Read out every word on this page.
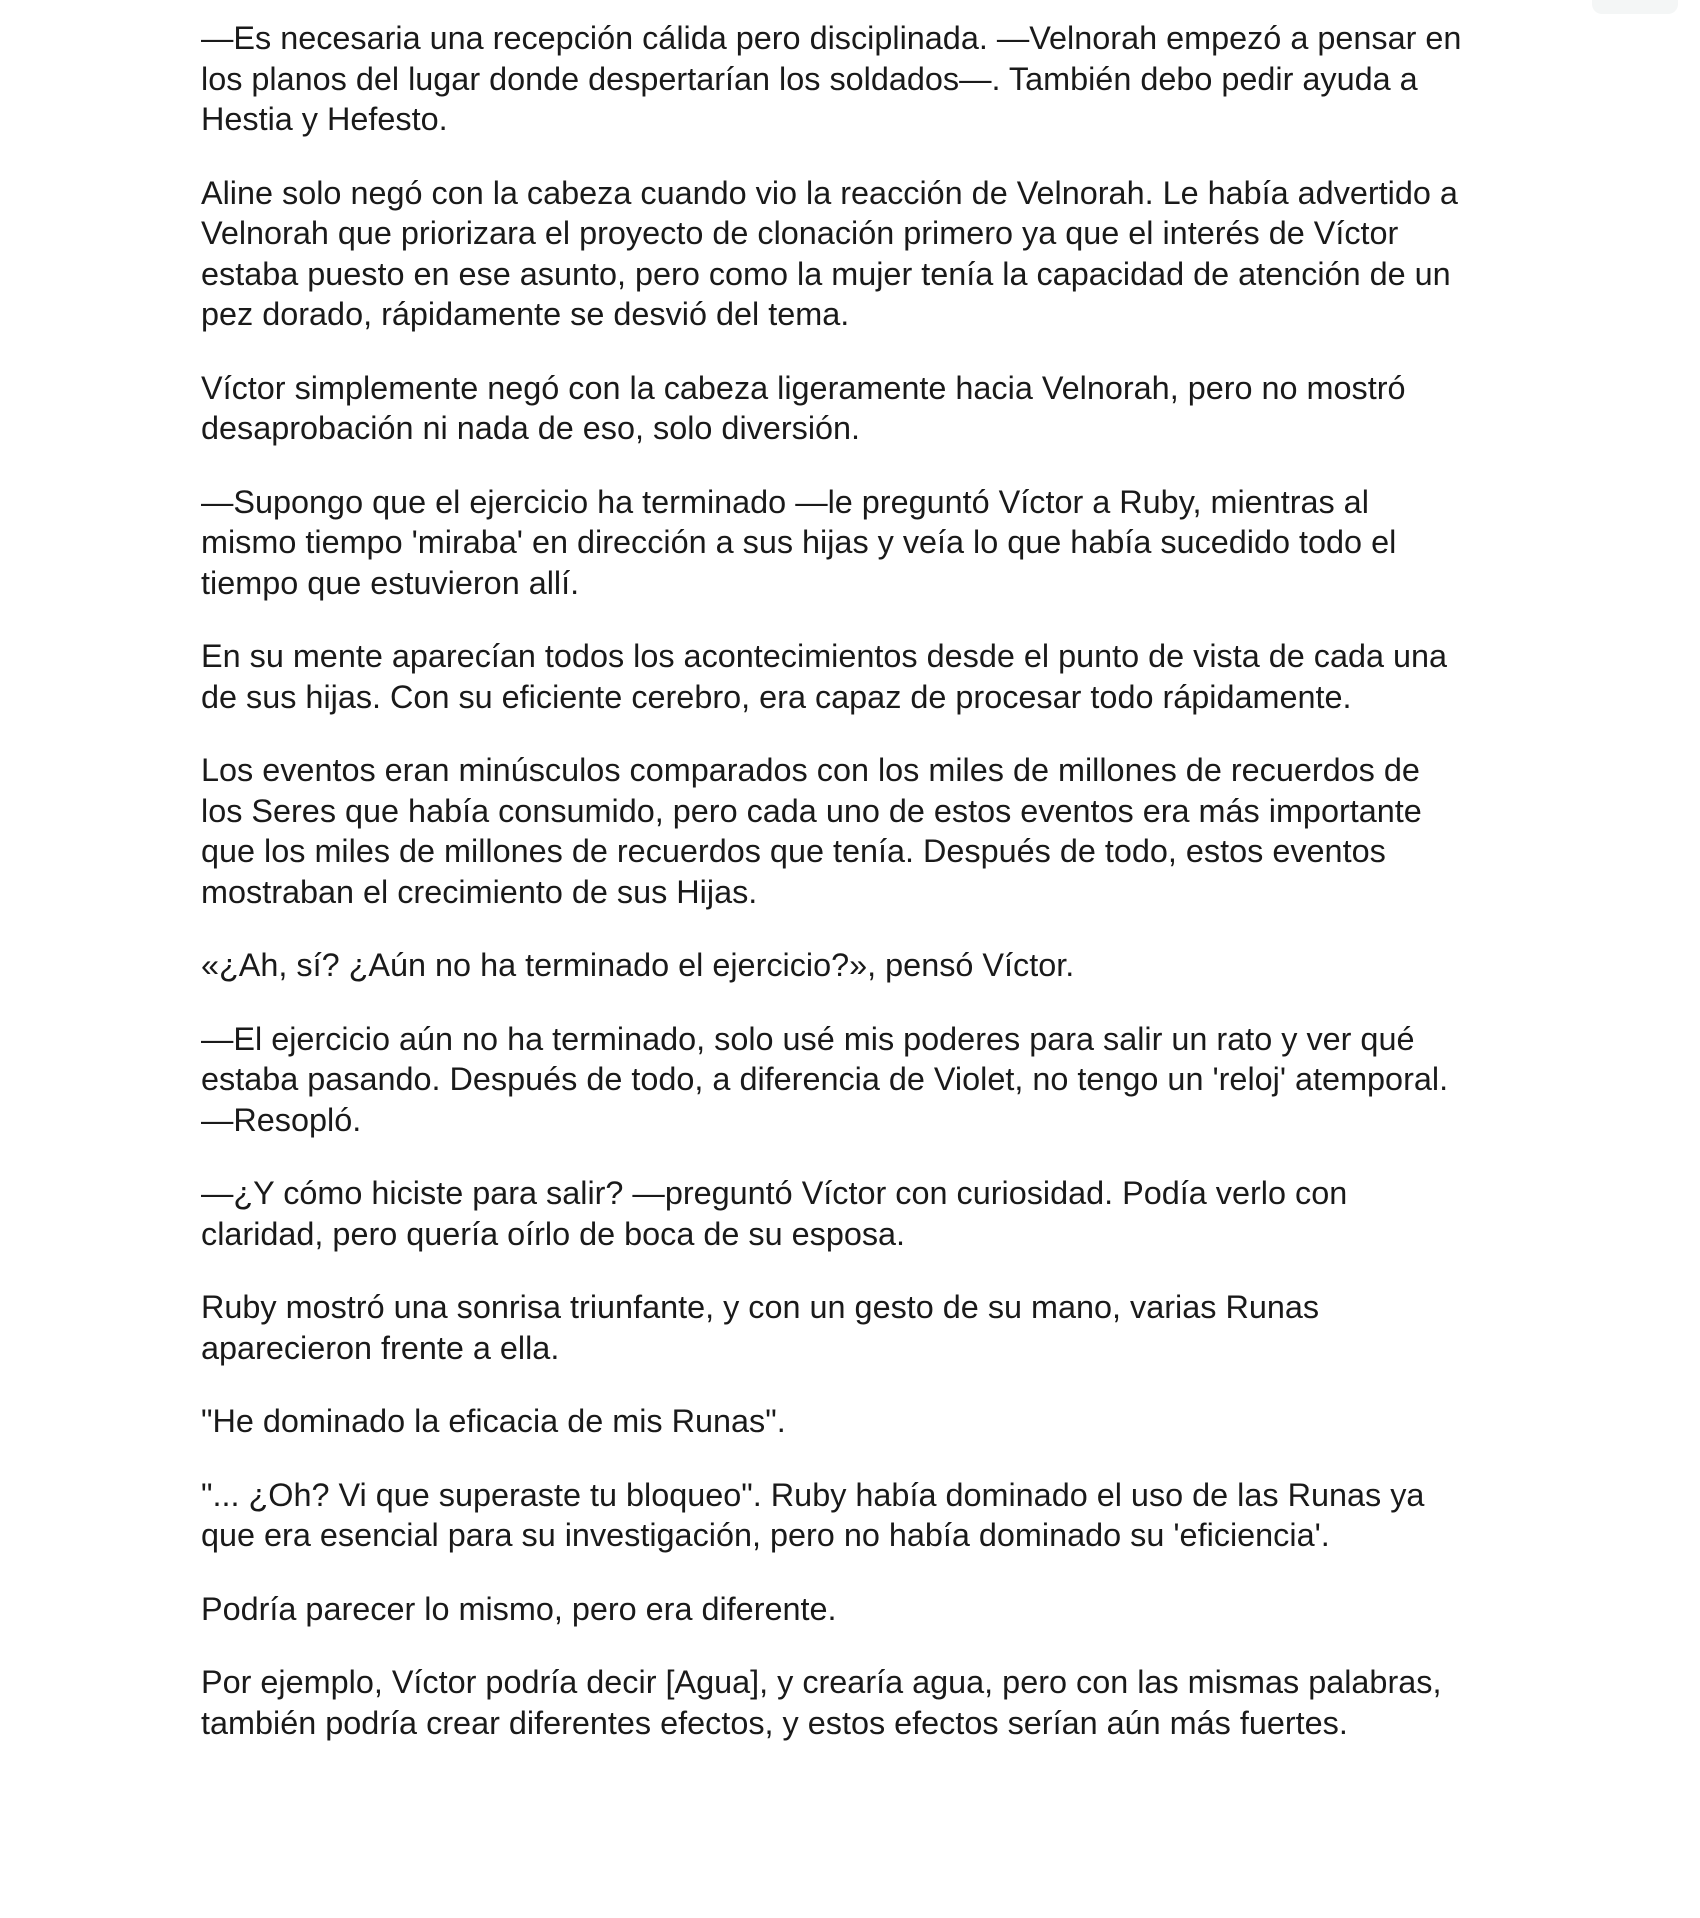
—Es necesaria una recepción cálida pero disciplinada. —Velnorah empezó a pensar en
los planos del lugar donde despertarían los soldados—. También debo pedir ayuda a
Hestia y Hefesto.

Aline solo negó con la cabeza cuando vio la reacción de Velnorah. Le había advertido a
Velnorah que priorizara el proyecto de clonación primero ya que el interés de Víctor
estaba puesto en ese asunto, pero como la mujer tenía la capacidad de atención de un
pez dorado, rápidamente se desvió del tema.

Víctor simplemente negó con la cabeza ligeramente hacia Velnorah, pero no mostró
desaprobación ni nada de eso, solo diversión.

—Supongo que el ejercicio ha terminado —le preguntó Víctor a Ruby, mientras al
mismo tiempo 'miraba' en dirección a sus hijas y veía lo que había sucedido todo el
tiempo que estuvieron allí.

En su mente aparecían todos los acontecimientos desde el punto de vista de cada una
de sus hijas. Con su eficiente cerebro, era capaz de procesar todo rápidamente.

Los eventos eran minúsculos comparados con los miles de millones de recuerdos de
los Seres que había consumido, pero cada uno de estos eventos era más importante
que los miles de millones de recuerdos que tenía. Después de todo, estos eventos
mostraban el crecimiento de sus Hijas.

«¿Ah, sí? ¿Aún no ha terminado el ejercicio?», pensó Víctor.

—El ejercicio aún no ha terminado, solo usé mis poderes para salir un rato y ver qué
estaba pasando. Después de todo, a diferencia de Violet, no tengo un 'reloj' atemporal.
—Resopló.

—¿Y cómo hiciste para salir? —preguntó Víctor con curiosidad. Podía verlo con
claridad, pero quería oírlo de boca de su esposa.

Ruby mostró una sonrisa triunfante, y con un gesto de su mano, varias Runas
aparecieron frente a ella.

"He dominado la eficacia de mis Runas".

"... ¿Oh? Vi que superaste tu bloqueo". Ruby había dominado el uso de las Runas ya
que era esencial para su investigación, pero no había dominado su 'eficiencia'.

Podría parecer lo mismo, pero era diferente.

Por ejemplo, Víctor podría decir [Agua], y crearía agua, pero con las mismas palabras,
también podría crear diferentes efectos, y estos efectos serían aún más fuertes.
